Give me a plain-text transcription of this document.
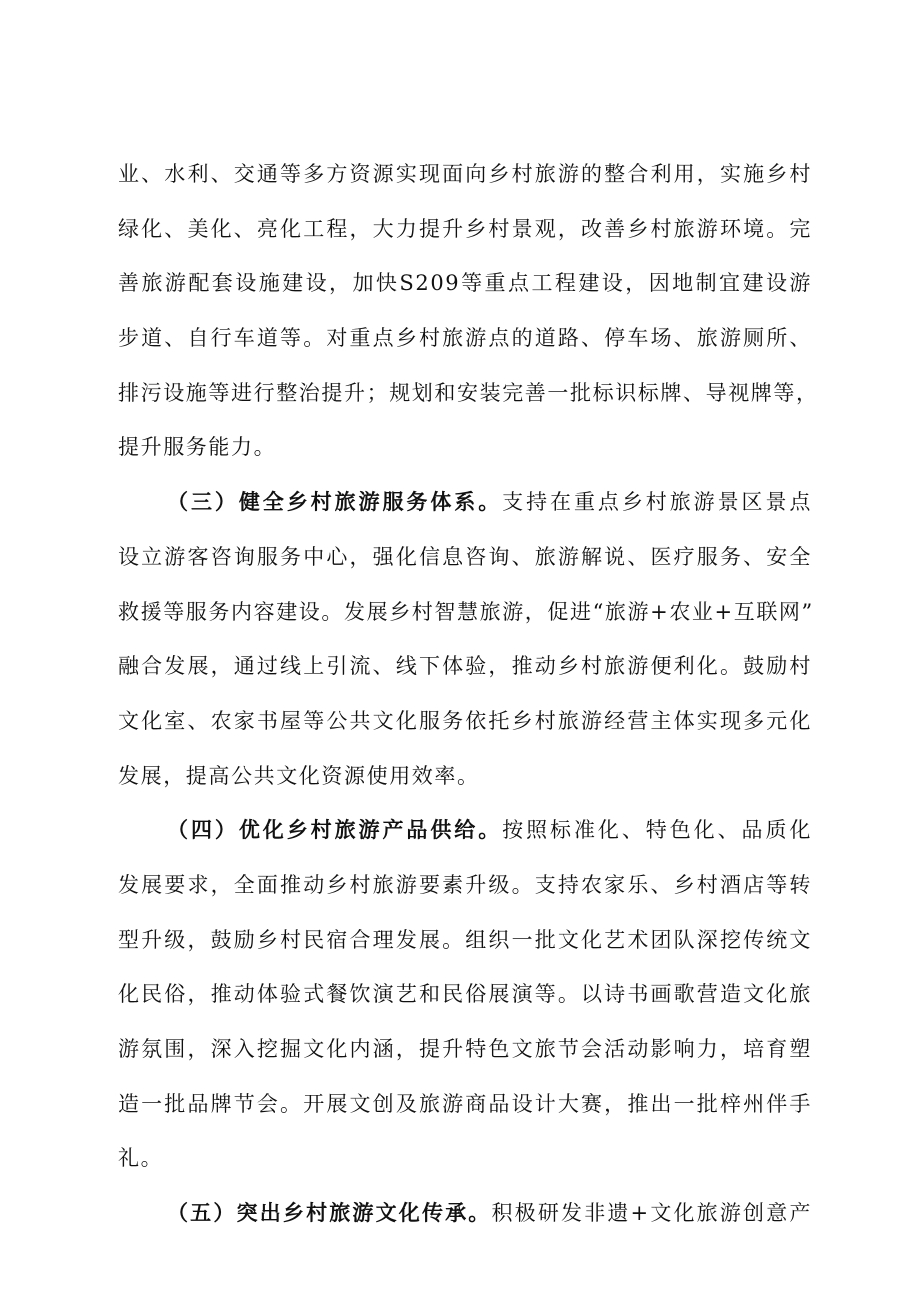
业、水利、交通等多方资源实现面向乡村旅游的整合利用，实施乡村
绿化、美化、亮化工程，大力提升乡村景观，改善乡村旅游环境。完
善旅游配套设施建设，加快S209等重点工程建设，因地制宜建设游
步道、自行车道等。对重点乡村旅游点的道路、停车场、旅游厕所、
排污设施等进行整治提升；规划和安装完善一批标识标牌、导视牌等，
提升服务能力。
（三）健全乡村旅游服务体系。支持在重点乡村旅游景区景点
设立游客咨询服务中心，强化信息咨询、旅游解说、医疗服务、安全
救援等服务内容建设。发展乡村智慧旅游，促进“旅游+农业+互联网”
融合发展，通过线上引流、线下体验，推动乡村旅游便利化。鼓励村
文化室、农家书屋等公共文化服务依托乡村旅游经营主体实现多元化
发展，提高公共文化资源使用效率。
（四）优化乡村旅游产品供给。按照标准化、特色化、品质化
发展要求，全面推动乡村旅游要素升级。支持农家乐、乡村酒店等转
型升级，鼓励乡村民宿合理发展。组织一批文化艺术团队深挖传统文
化民俗，推动体验式餐饮演艺和民俗展演等。以诗书画歌营造文化旅
游氛围，深入挖掘文化内涵，提升特色文旅节会活动影响力，培育塑
造一批品牌节会。开展文创及旅游商品设计大赛，推出一批梓州伴手
礼。
（五）突出乡村旅游文化传承。积极研发非遗+文化旅游创意产
